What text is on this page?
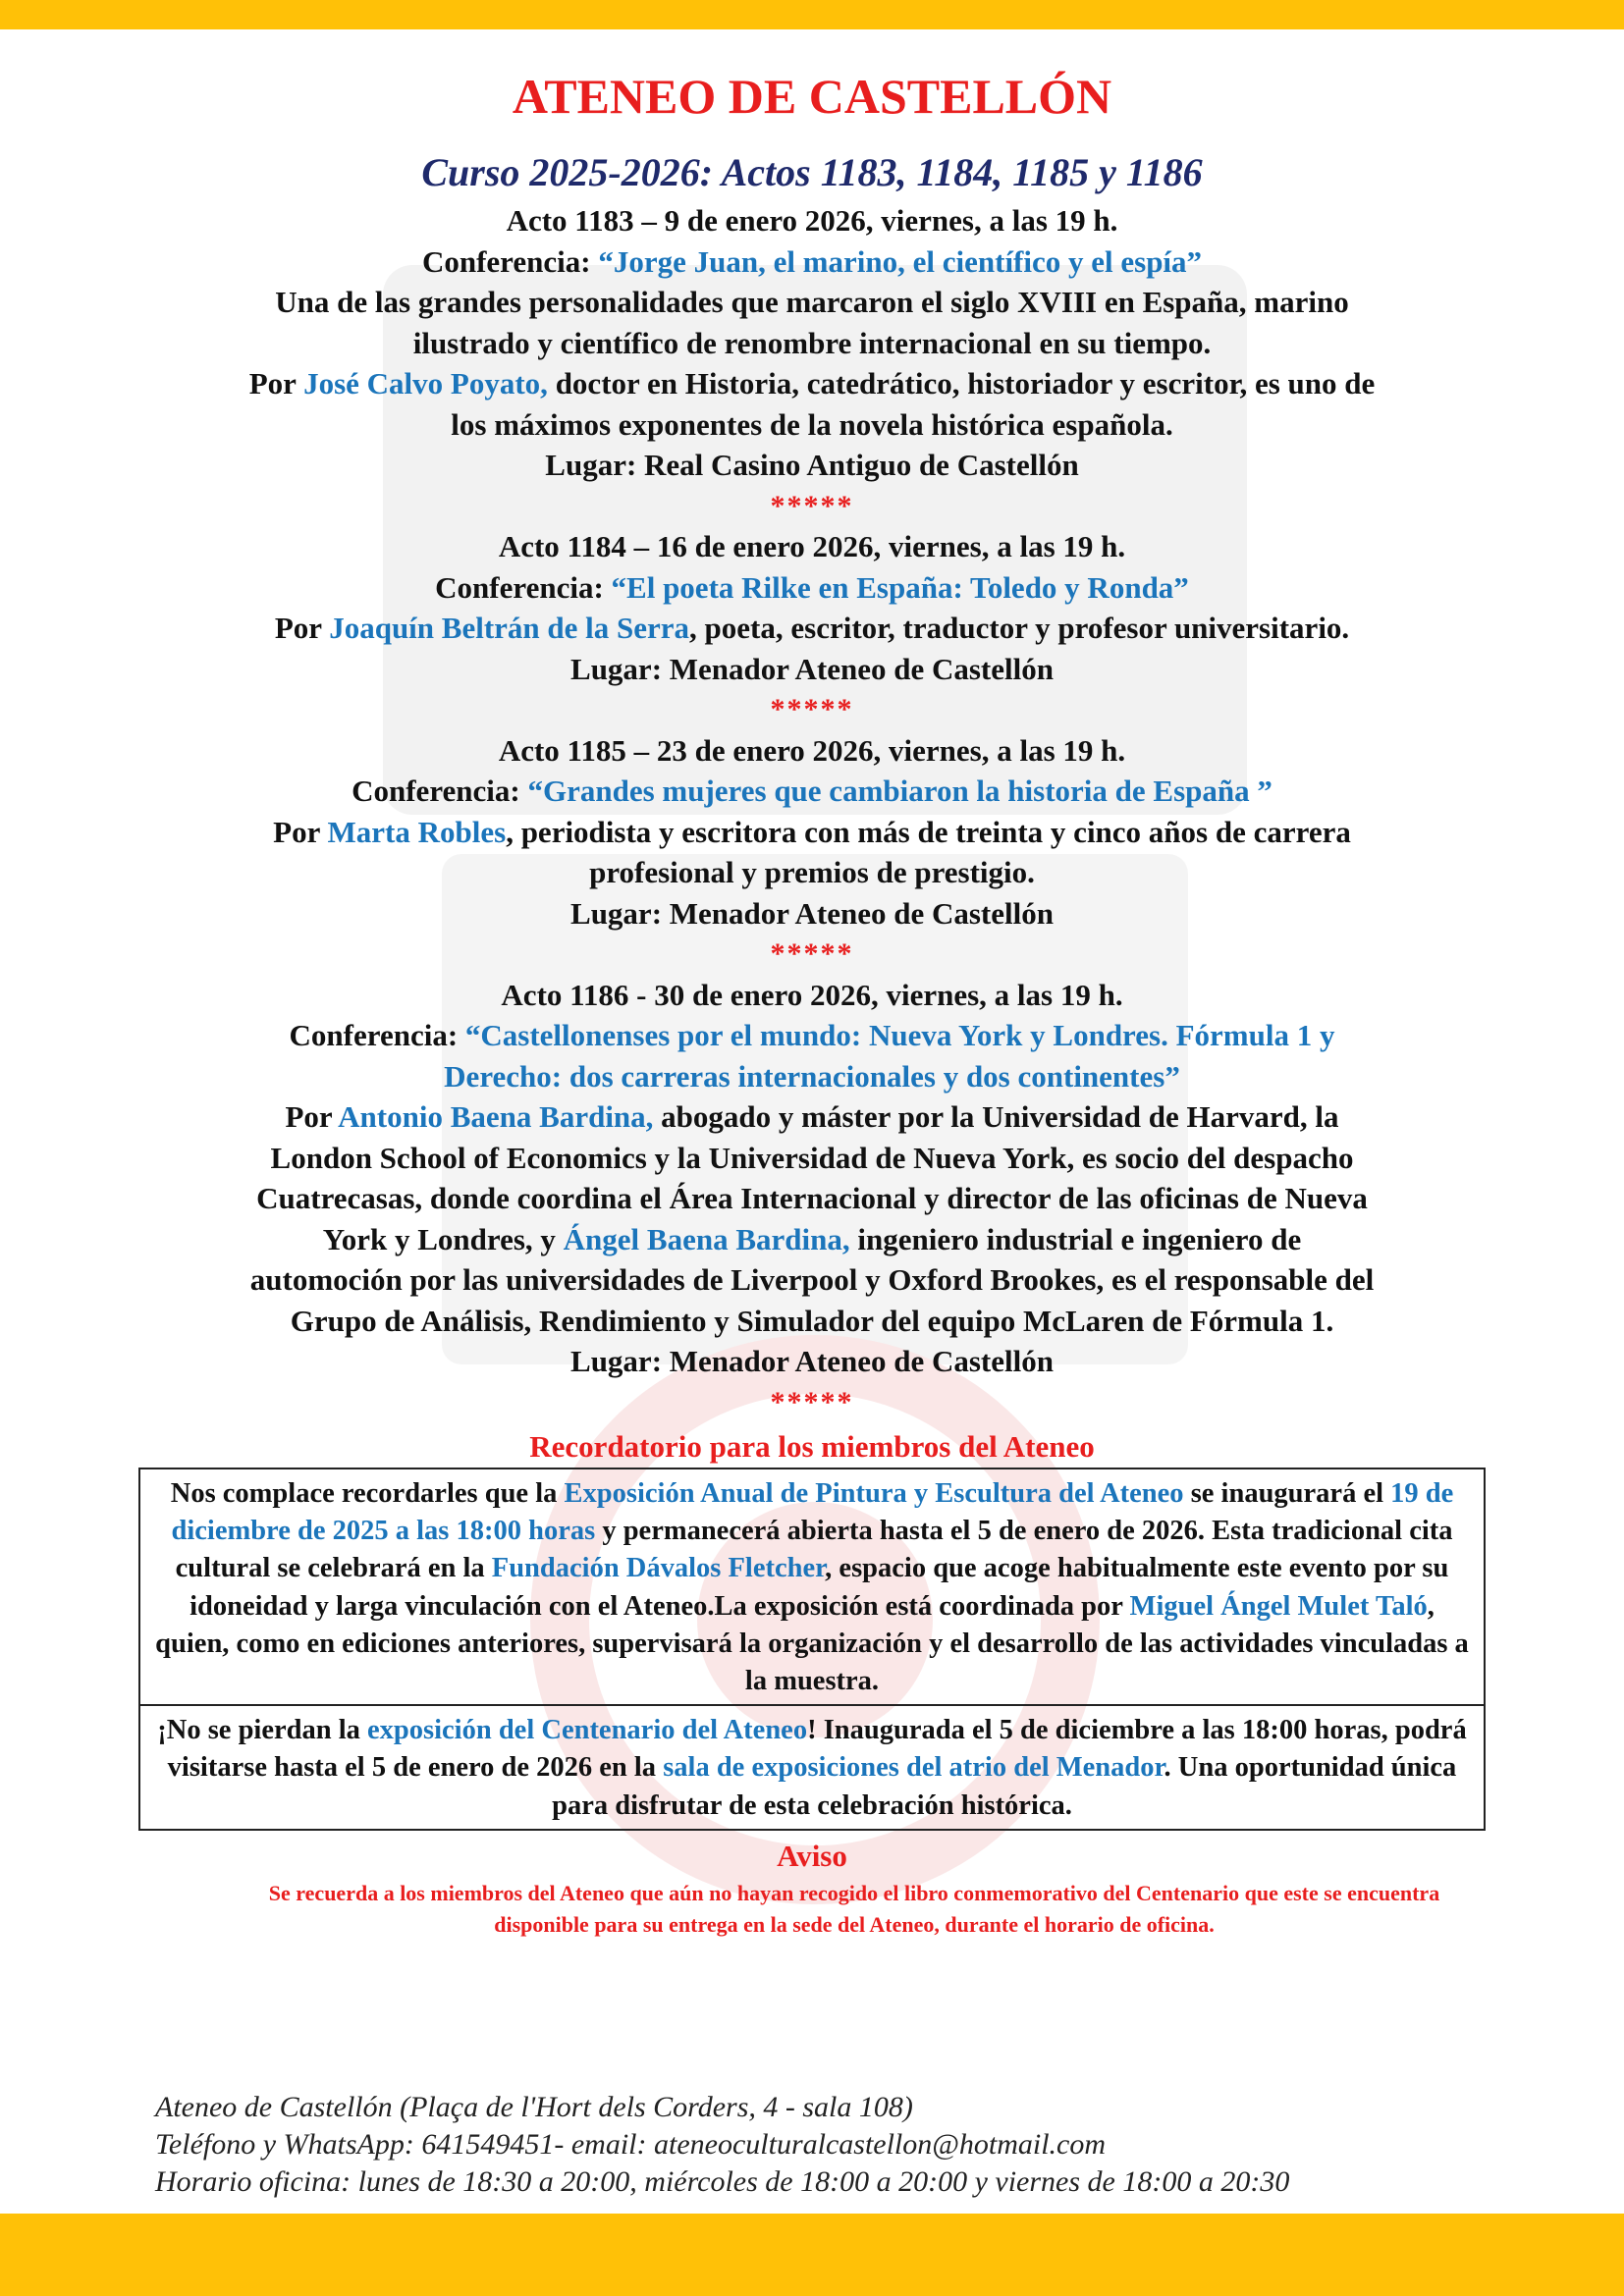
ATENEO DE CASTELLÓN
Curso 2025-2026: Actos 1183, 1184, 1185 y 1186
Acto 1183 – 9 de enero 2026, viernes, a las 19 h.
Conferencia: “Jorge Juan, el marino, el científico y el espía”
Una de las grandes personalidades que marcaron el siglo XVIII en España, marino
ilustrado y científico de renombre internacional en su tiempo.
Por José Calvo Poyato, doctor en Historia, catedrático, historiador y escritor, es uno de
los máximos exponentes de la novela histórica española.
Lugar: Real Casino Antiguo de Castellón
*****
Acto 1184 – 16 de enero 2026, viernes, a las 19 h.
Conferencia: “El poeta Rilke en España: Toledo y Ronda”
Por Joaquín Beltrán de la Serra, poeta, escritor, traductor y profesor universitario.
Lugar: Menador Ateneo de Castellón
*****
Acto 1185 – 23 de enero 2026, viernes, a las 19 h.
Conferencia: “Grandes mujeres que cambiaron la historia de España ”
Por Marta Robles, periodista y escritora con más de treinta y cinco años de carrera
profesional y premios de prestigio.
Lugar: Menador Ateneo de Castellón
*****
Acto 1186 - 30 de enero 2026, viernes, a las 19 h.
Conferencia: “Castellonenses por el mundo: Nueva York y Londres. Fórmula 1 y
Derecho: dos carreras internacionales y dos continentes”
Por Antonio Baena Bardina, abogado y máster por la Universidad de Harvard, la
London School of Economics y la Universidad de Nueva York, es socio del despacho
Cuatrecasas, donde coordina el Área Internacional y director de las oficinas de Nueva
York y Londres, y Ángel Baena Bardina, ingeniero industrial e ingeniero de
automoción por las universidades de Liverpool y Oxford Brookes, es el responsable del
Grupo de Análisis, Rendimiento y Simulador del equipo McLaren de Fórmula 1.
Lugar: Menador Ateneo de Castellón
*****
Recordatorio para los miembros del Ateneo
Nos complace recordarles que la Exposición Anual de Pintura y Escultura del Ateneo se inaugurará el 19 de diciembre de 2025 a las 18:00 horas y permanecerá abierta hasta el 5 de enero de 2026. Esta tradicional cita cultural se celebrará en la Fundación Dávalos Fletcher, espacio que acoge habitualmente este evento por su idoneidad y larga vinculación con el Ateneo.La exposición está coordinada por Miguel Ángel Mulet Taló, quien, como en ediciones anteriores, supervisará la organización y el desarrollo de las actividades vinculadas a la muestra.
¡No se pierdan la exposición del Centenario del Ateneo! Inaugurada el 5 de diciembre a las 18:00 horas, podrá visitarse hasta el 5 de enero de 2026 en la sala de exposiciones del atrio del Menador. Una oportunidad única para disfrutar de esta celebración histórica.
Aviso
Se recuerda a los miembros del Ateneo que aún no hayan recogido el libro conmemorativo del Centenario que este se encuentra disponible para su entrega en la sede del Ateneo, durante el horario de oficina.
Ateneo de Castellón (Plaça de l'Hort dels Corders, 4 - sala 108)
Teléfono y WhatsApp: 641549451- email: ateneoculturalcastellon@hotmail.com
Horario oficina: lunes de 18:30 a 20:00, miércoles de 18:00 a 20:00 y viernes de 18:00 a 20:30
